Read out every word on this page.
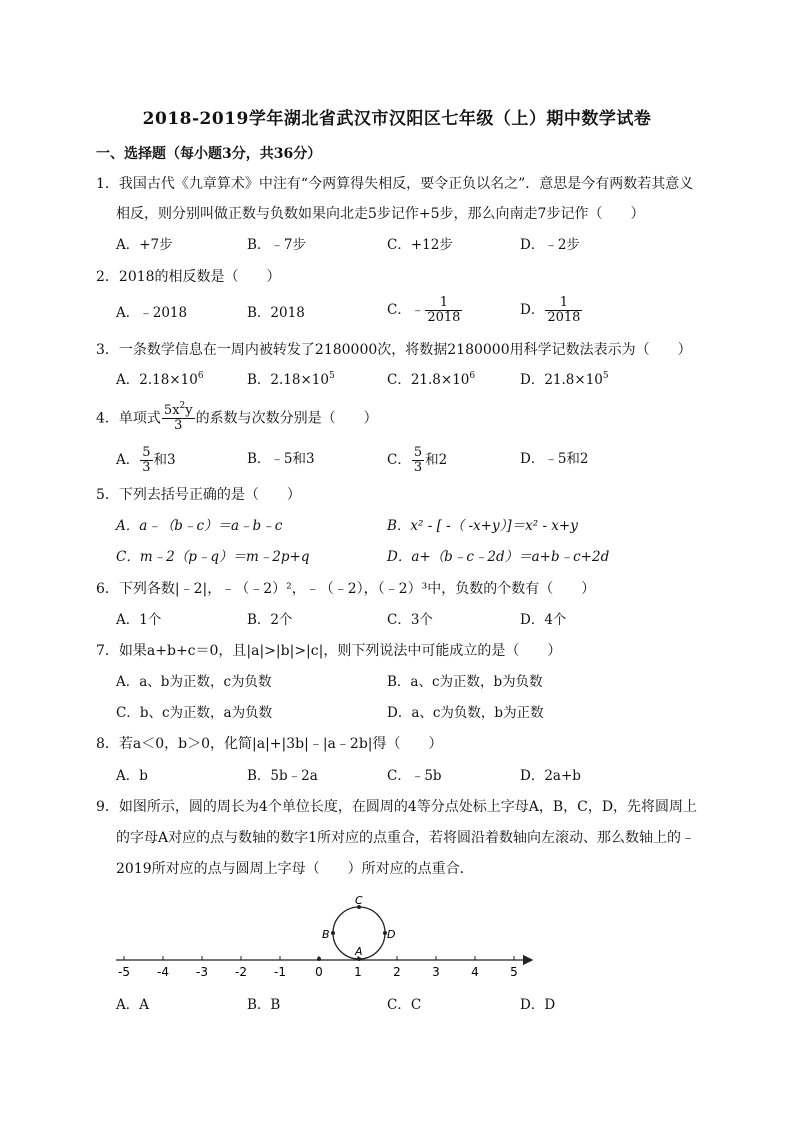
2018-2019学年湖北省武汉市汉阳区七年级（上）期中数学试卷
一、选择题（每小题3分，共36分）
1．我国古代《九章算术》中注有“今两算得失相反，要令正负以名之”．意思是今有两数若其意义
相反，则分别叫做正数与负数如果向北走5步记作+5步，那么向南走7步记作（　　）
A．+7步	B．﹣7步	C．+12步	D．﹣2步
2．2018的相反数是（　　）
A．﹣2018	B．2018	C．﹣ $\frac{1}{2018}$	D． $\frac{1}{2018}$
3．一条数学信息在一周内被转发了2180000次，将数据2180000用科学记数法表示为（　　）
A．$2.18\times 10^6$	B．$2.18\times 10^5$	C．$21.8\times 10^6$	D．$21.8\times 10^5$
4．单项式 $\frac{5x^2y}{3}$ 的系数与次数分别是（　　）
A． $\frac{5}{3}$ 和3	B．﹣5和3	C． $\frac{5}{3}$ 和2	D．﹣5和2
5．下列去括号正确的是（　　）
A．a﹣（b﹣c）＝a﹣b﹣c	B．x² - [ -（ -x+y）]＝x² - x+y
C．m﹣2（p﹣q）＝m﹣2p+q	D．a+（b﹣c﹣2d）＝a+b﹣c+2d
6．下列各数|﹣2|，﹣（﹣2）²，﹣（﹣2），（﹣2）³中，负数的个数有（　　）
A．1个	B．2个	C．3个	D．4个
7．如果a+b+c＝0，且|a|>|b|>|c|，则下列说法中可能成立的是（　　）
A．a、b为正数，c为负数	B．a、c为正数，b为负数
C．b、c为正数，a为负数	D．a、c为负数，b为正数
8．若a＜0，b＞0，化简|a|+|3b|﹣|a﹣2b|得（　　）
A．b	B．5b﹣2a	C．﹣5b	D．2a+b
9．如图所示，圆的周长为4个单位长度，在圆周的4等分点处标上字母A，B，C，D，先将圆周上
的字母A对应的点与数轴的数字1所对应的点重合，若将圆沿着数轴向左滚动、那么数轴上的﹣
2019所对应的点与圆周上字母（　　）所对应的点重合．
-5 -4 -3 -2 -1 0	1	2	3	4	5
A
B
C
D
A．A	B．B	C．C	D．D
